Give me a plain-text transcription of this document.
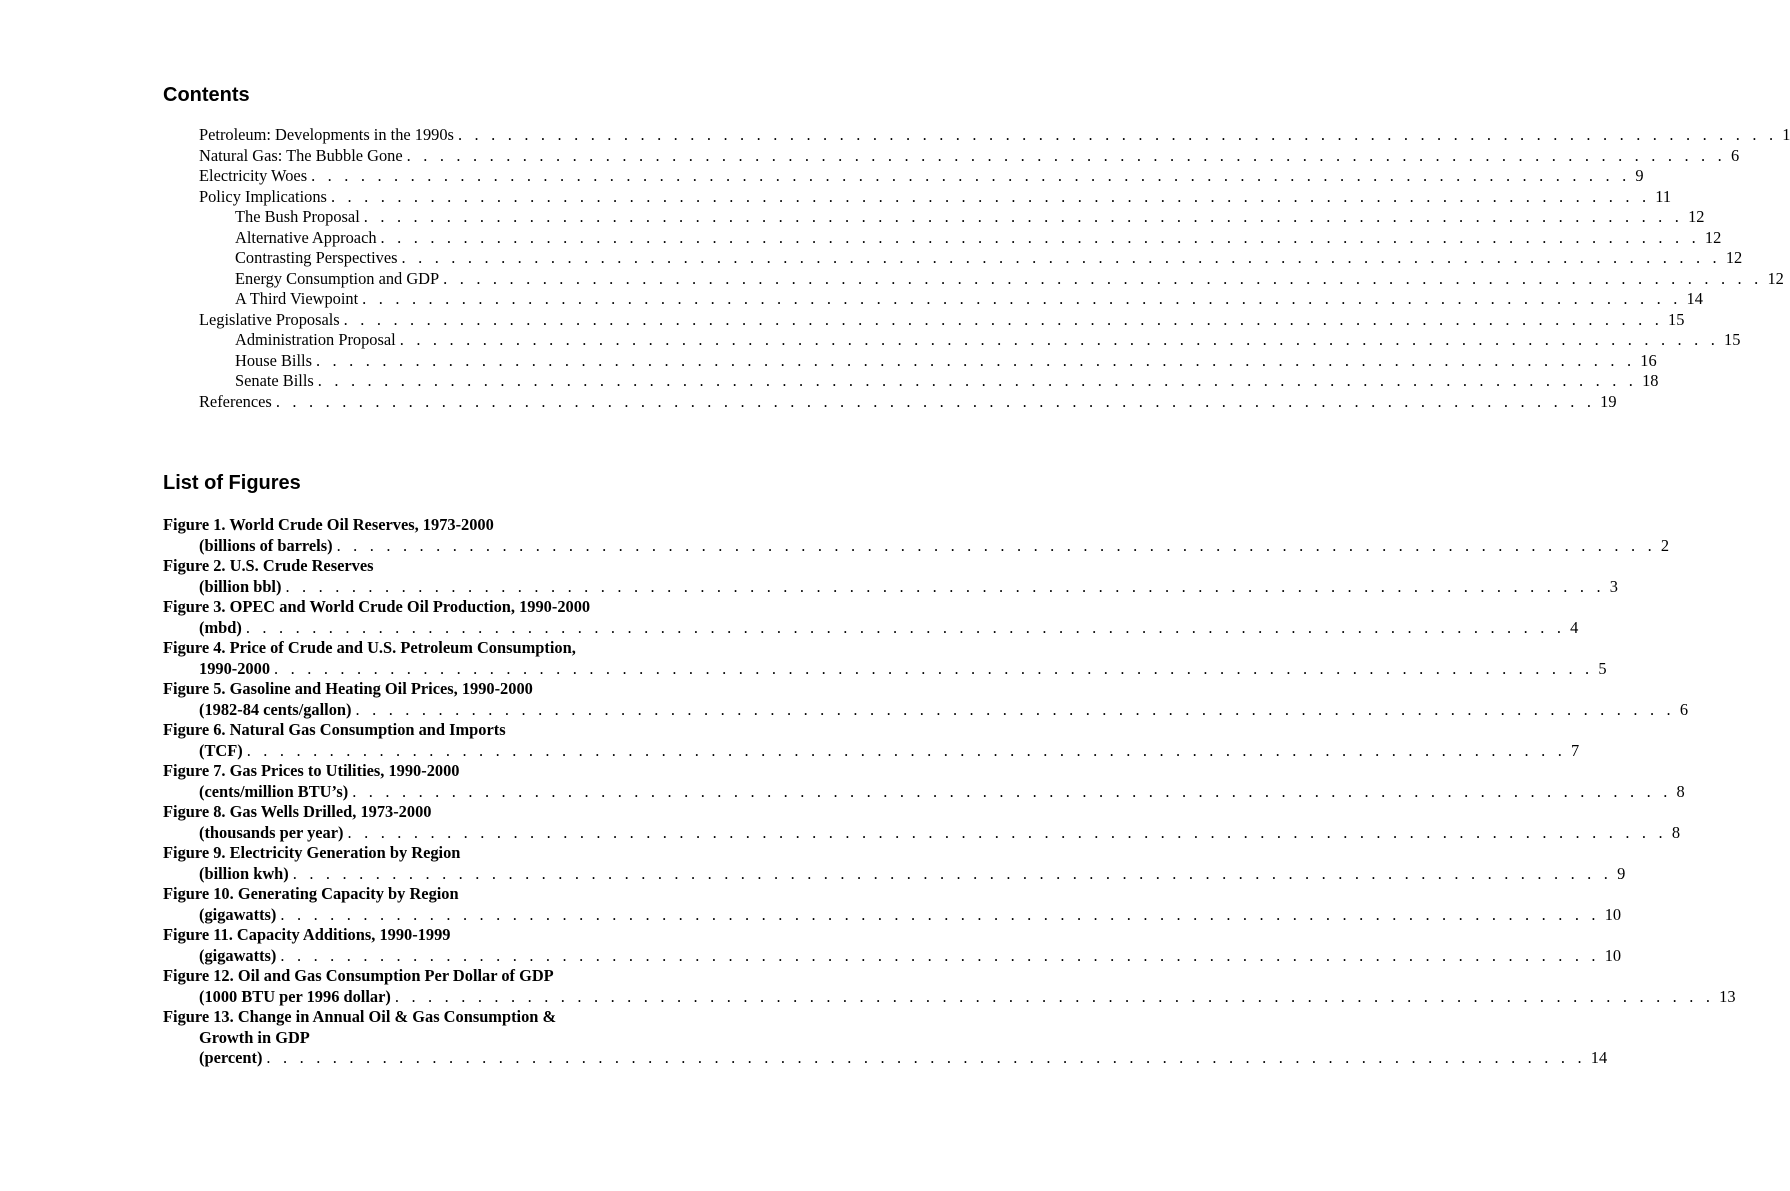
Contents
Petroleum: Developments in the 1990s . . . . . . . . . . . . . . . . . . . . . . . . . . . . . . . . . . . . . . . . . . . . . . . . . . . . . . . . . . . . . . . . . . . . . . . . . . . . . . . . 1
Natural Gas: The Bubble Gone . . . . . . . . . . . . . . . . . . . . . . . . . . . . . . . . . . . . . . . . . . . . . . . . . . . . . . . . . . . . . . . . . . . . . . . . . . . . . . . . 6
Electricity Woes . . . . . . . . . . . . . . . . . . . . . . . . . . . . . . . . . . . . . . . . . . . . . . . . . . . . . . . . . . . . . . . . . . . . . . . . . . . . . . . . 9
Policy Implications . . . . . . . . . . . . . . . . . . . . . . . . . . . . . . . . . . . . . . . . . . . . . . . . . . . . . . . . . . . . . . . . . . . . . . . . . . . . . . . . 11
The Bush Proposal . . . . . . . . . . . . . . . . . . . . . . . . . . . . . . . . . . . . . . . . . . . . . . . . . . . . . . . . . . . . . . . . . . . . . . . . . . . . . . . . 12
Alternative Approach . . . . . . . . . . . . . . . . . . . . . . . . . . . . . . . . . . . . . . . . . . . . . . . . . . . . . . . . . . . . . . . . . . . . . . . . . . . . . . . . 12
Contrasting Perspectives . . . . . . . . . . . . . . . . . . . . . . . . . . . . . . . . . . . . . . . . . . . . . . . . . . . . . . . . . . . . . . . . . . . . . . . . . . . . . . . . 12
Energy Consumption and GDP . . . . . . . . . . . . . . . . . . . . . . . . . . . . . . . . . . . . . . . . . . . . . . . . . . . . . . . . . . . . . . . . . . . . . . . . . . . . . . . . 12
A Third Viewpoint . . . . . . . . . . . . . . . . . . . . . . . . . . . . . . . . . . . . . . . . . . . . . . . . . . . . . . . . . . . . . . . . . . . . . . . . . . . . . . . . 14
Legislative Proposals . . . . . . . . . . . . . . . . . . . . . . . . . . . . . . . . . . . . . . . . . . . . . . . . . . . . . . . . . . . . . . . . . . . . . . . . . . . . . . . . 15
Administration Proposal . . . . . . . . . . . . . . . . . . . . . . . . . . . . . . . . . . . . . . . . . . . . . . . . . . . . . . . . . . . . . . . . . . . . . . . . . . . . . . . . 15
House Bills . . . . . . . . . . . . . . . . . . . . . . . . . . . . . . . . . . . . . . . . . . . . . . . . . . . . . . . . . . . . . . . . . . . . . . . . . . . . . . . . 16
Senate Bills . . . . . . . . . . . . . . . . . . . . . . . . . . . . . . . . . . . . . . . . . . . . . . . . . . . . . . . . . . . . . . . . . . . . . . . . . . . . . . . . 18
References . . . . . . . . . . . . . . . . . . . . . . . . . . . . . . . . . . . . . . . . . . . . . . . . . . . . . . . . . . . . . . . . . . . . . . . . . . . . . . . . 19
List of Figures
Figure 1. World Crude Oil Reserves, 1973-2000
(billions of barrels) . . . . . . . . . . . . . . . . . . . . . . . . . . . . . . . . . . . . . . . . . . . . . . . . . . . . . . . . . . . . . . . . . . . . . . . . . . . . . . . . 2
Figure 2. U.S. Crude Reserves
(billion bbl) . . . . . . . . . . . . . . . . . . . . . . . . . . . . . . . . . . . . . . . . . . . . . . . . . . . . . . . . . . . . . . . . . . . . . . . . . . . . . . . . 3
Figure 3. OPEC and World Crude Oil Production, 1990-2000
(mbd) . . . . . . . . . . . . . . . . . . . . . . . . . . . . . . . . . . . . . . . . . . . . . . . . . . . . . . . . . . . . . . . . . . . . . . . . . . . . . . . . 4
Figure 4. Price of Crude and U.S. Petroleum Consumption,
1990-2000 . . . . . . . . . . . . . . . . . . . . . . . . . . . . . . . . . . . . . . . . . . . . . . . . . . . . . . . . . . . . . . . . . . . . . . . . . . . . . . . . 5
Figure 5. Gasoline and Heating Oil Prices, 1990-2000
(1982-84 cents/gallon) . . . . . . . . . . . . . . . . . . . . . . . . . . . . . . . . . . . . . . . . . . . . . . . . . . . . . . . . . . . . . . . . . . . . . . . . . . . . . . . . 6
Figure 6. Natural Gas Consumption and Imports
(TCF) . . . . . . . . . . . . . . . . . . . . . . . . . . . . . . . . . . . . . . . . . . . . . . . . . . . . . . . . . . . . . . . . . . . . . . . . . . . . . . . . 7
Figure 7. Gas Prices to Utilities, 1990-2000
(cents/million BTU’s) . . . . . . . . . . . . . . . . . . . . . . . . . . . . . . . . . . . . . . . . . . . . . . . . . . . . . . . . . . . . . . . . . . . . . . . . . . . . . . . . 8
Figure 8. Gas Wells Drilled, 1973-2000
(thousands per year) . . . . . . . . . . . . . . . . . . . . . . . . . . . . . . . . . . . . . . . . . . . . . . . . . . . . . . . . . . . . . . . . . . . . . . . . . . . . . . . . 8
Figure 9. Electricity Generation by Region
(billion kwh) . . . . . . . . . . . . . . . . . . . . . . . . . . . . . . . . . . . . . . . . . . . . . . . . . . . . . . . . . . . . . . . . . . . . . . . . . . . . . . . . 9
Figure 10. Generating Capacity by Region
(gigawatts) . . . . . . . . . . . . . . . . . . . . . . . . . . . . . . . . . . . . . . . . . . . . . . . . . . . . . . . . . . . . . . . . . . . . . . . . . . . . . . . . 10
Figure 11. Capacity Additions, 1990-1999
(gigawatts) . . . . . . . . . . . . . . . . . . . . . . . . . . . . . . . . . . . . . . . . . . . . . . . . . . . . . . . . . . . . . . . . . . . . . . . . . . . . . . . . 10
Figure 12. Oil and Gas Consumption Per Dollar of GDP
(1000 BTU per 1996 dollar) . . . . . . . . . . . . . . . . . . . . . . . . . . . . . . . . . . . . . . . . . . . . . . . . . . . . . . . . . . . . . . . . . . . . . . . . . . . . . . . . 13
Figure 13. Change in Annual Oil & Gas Consumption &
Growth in GDP
(percent) . . . . . . . . . . . . . . . . . . . . . . . . . . . . . . . . . . . . . . . . . . . . . . . . . . . . . . . . . . . . . . . . . . . . . . . . . . . . . . . . 14
